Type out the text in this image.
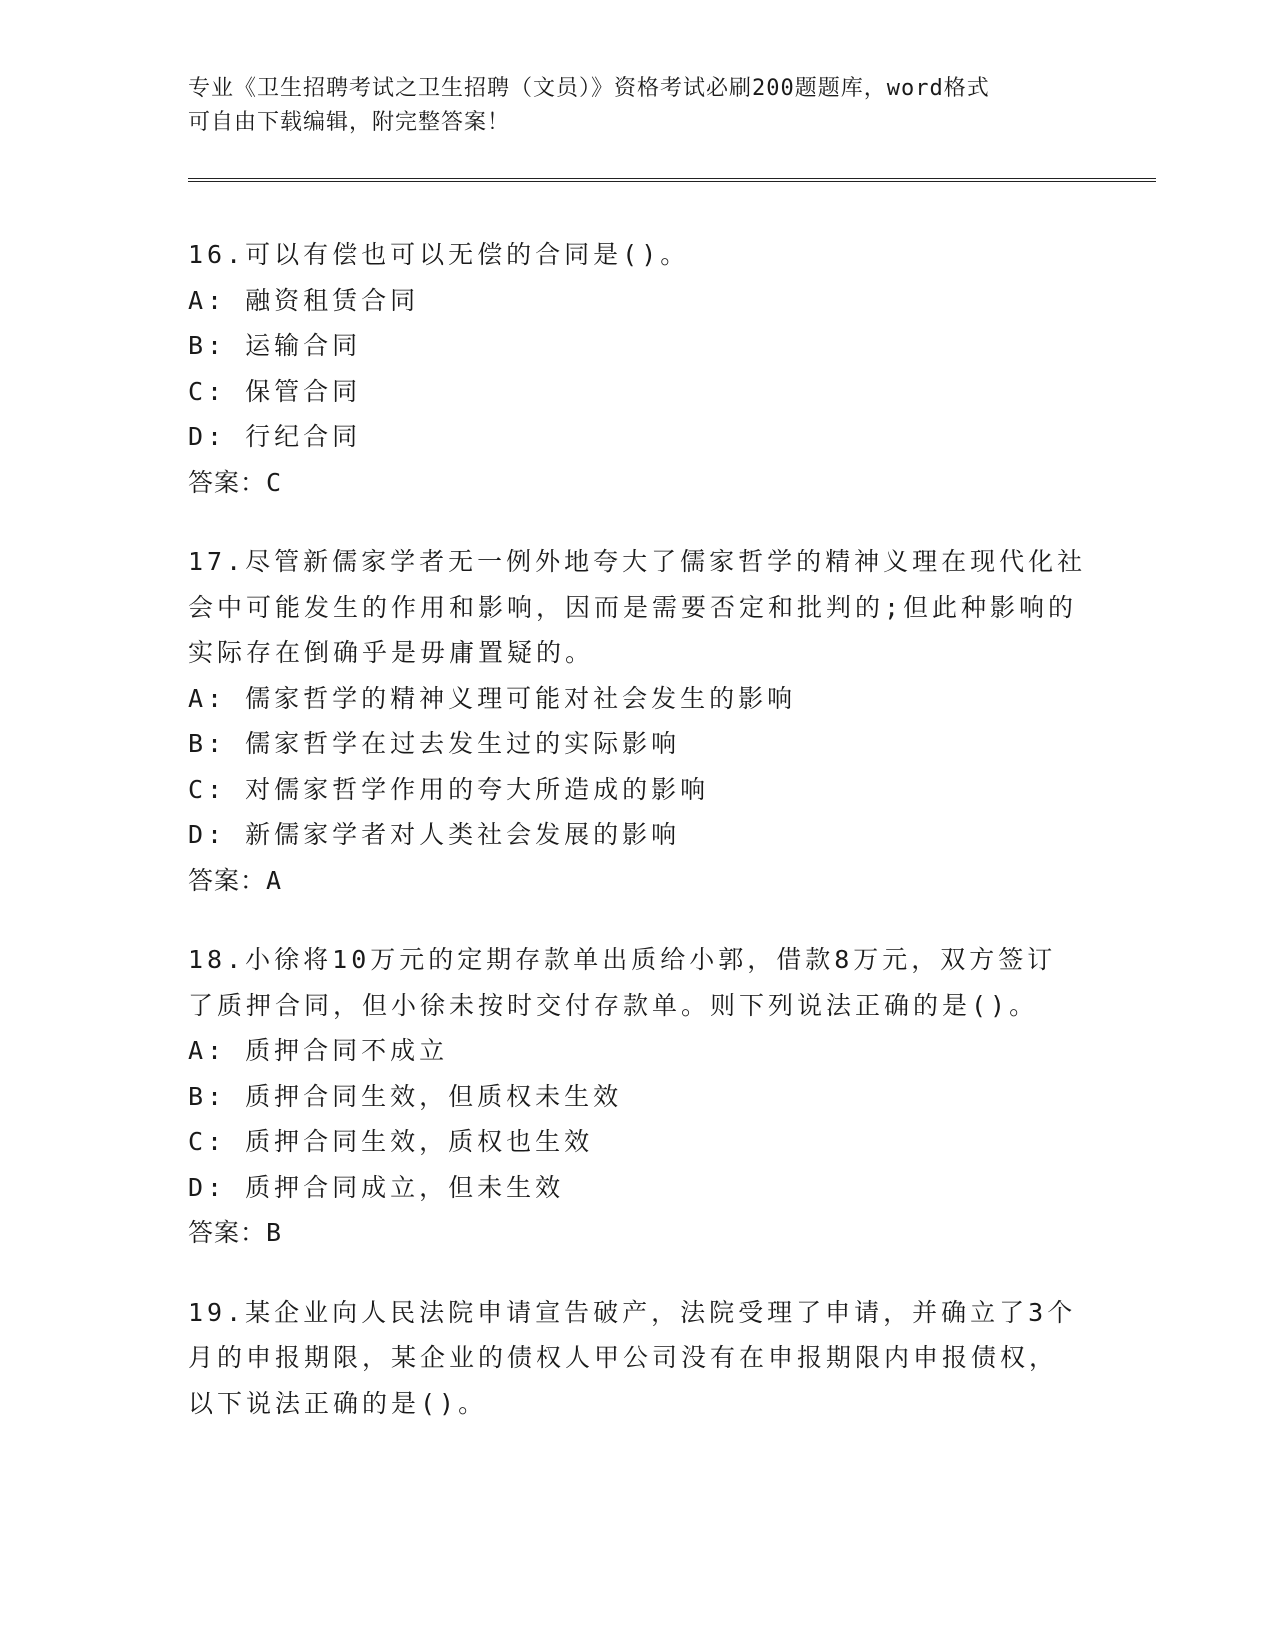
专业《卫生招聘考试之卫生招聘（文员）》资格考试必刷200题题库，word格式
可自由下载编辑，附完整答案！

16.可以有偿也可以无偿的合同是()。

A: 融资租赁合同

B: 运输合同

C: 保管合同

D: 行纪合同

答案：C

17.尽管新儒家学者无一例外地夸大了儒家哲学的精神义理在现代化社

会中可能发生的作用和影响，因而是需要否定和批判的;但此种影响的

实际存在倒确乎是毋庸置疑的。

A: 儒家哲学的精神义理可能对社会发生的影响

B: 儒家哲学在过去发生过的实际影响

C: 对儒家哲学作用的夸大所造成的影响

D: 新儒家学者对人类社会发展的影响

答案：A

18.小徐将10万元的定期存款单出质给小郭，借款8万元，双方签订

了质押合同，但小徐未按时交付存款单。则下列说法正确的是()。

A: 质押合同不成立

B: 质押合同生效，但质权未生效

C: 质押合同生效，质权也生效

D: 质押合同成立，但未生效

答案：B

19.某企业向人民法院申请宣告破产，法院受理了申请，并确立了3个

月的申报期限，某企业的债权人甲公司没有在申报期限内申报债权，

以下说法正确的是()。
